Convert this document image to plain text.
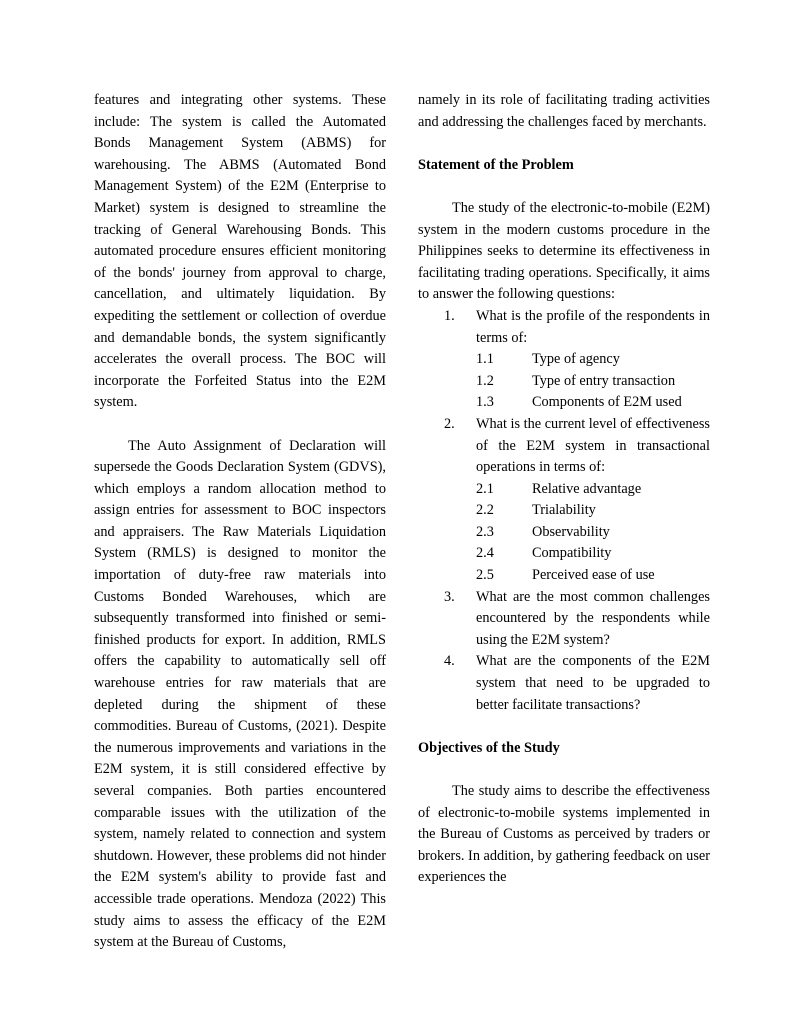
features and integrating other systems. These include: The system is called the Automated Bonds Management System (ABMS) for warehousing. The ABMS (Automated Bond Management System) of the E2M (Enterprise to Market) system is designed to streamline the tracking of General Warehousing Bonds. This automated procedure ensures efficient monitoring of the bonds' journey from approval to charge, cancellation, and ultimately liquidation. By expediting the settlement or collection of overdue and demandable bonds, the system significantly accelerates the overall process. The BOC will incorporate the Forfeited Status into the E2M system.

The Auto Assignment of Declaration will supersede the Goods Declaration System (GDVS), which employs a random allocation method to assign entries for assessment to BOC inspectors and appraisers. The Raw Materials Liquidation System (RMLS) is designed to monitor the importation of duty-free raw materials into Customs Bonded Warehouses, which are subsequently transformed into finished or semi-finished products for export. In addition, RMLS offers the capability to automatically sell off warehouse entries for raw materials that are depleted during the shipment of these commodities. Bureau of Customs, (2021). Despite the numerous improvements and variations in the E2M system, it is still considered effective by several companies. Both parties encountered comparable issues with the utilization of the system, namely related to connection and system shutdown. However, these problems did not hinder the E2M system's ability to provide fast and accessible trade operations. Mendoza (2022) This study aims to assess the efficacy of the E2M system at the Bureau of Customs,

namely in its role of facilitating trading activities and addressing the challenges faced by merchants.

Statement of the Problem

The study of the electronic-to-mobile (E2M) system in the modern customs procedure in the Philippines seeks to determine its effectiveness in facilitating trading operations. Specifically, it aims to answer the following questions:

1.	What is the profile of the respondents in terms of:
1.1	Type of agency
1.2	Type of entry transaction
1.3	Components of E2M used
2.	What is the current level of effectiveness of the E2M system in transactional operations in terms of:
2.1	Relative advantage
2.2	Trialability
2.3	Observability
2.4	Compatibility
2.5	Perceived ease of use
3.	What are the most common challenges encountered by the respondents while using the E2M system?
4.	What are the components of the E2M system that need to be upgraded to better facilitate transactions?
Objectives of the Study

The study aims to describe the effectiveness of electronic-to-mobile systems implemented in the Bureau of Customs as perceived by traders or brokers. In addition, by gathering feedback on user experiences the
